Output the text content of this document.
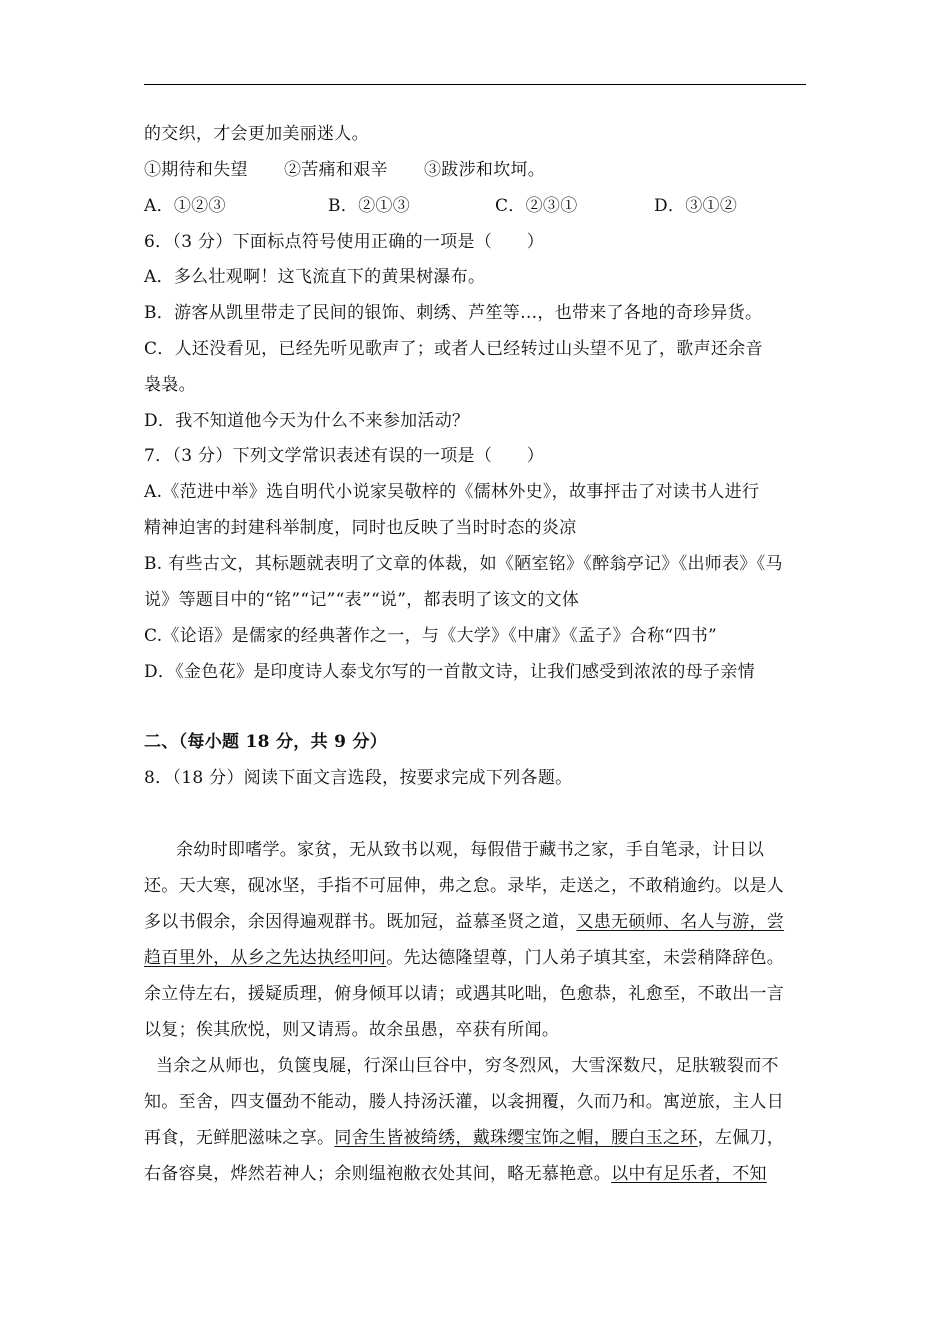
的交织，才会更加美丽迷人。
①期待和失望 ②苦痛和艰辛 ③跋涉和坎坷。
A．①②③	B．②①③	C．②③①	D．③①②
6．（3 分）下面标点符号使用正确的一项是（　　）
A．多么壮观啊！这飞流直下的黄果树瀑布。
B．游客从凯里带走了民间的银饰、刺绣、芦笙等…，也带来了各地的奇珍异货。
C．人还没看见，已经先听见歌声了；或者人已经转过山头望不见了，歌声还余音
袅袅。
D．我不知道他今天为什么不来参加活动？
7．（3 分）下列文学常识表述有误的一项是（　　）
A.《范进中举》选自明代小说家吴敬梓的《儒林外史》，故事抨击了对读书人进行
精神迫害的封建科举制度，同时也反映了当时时态的炎凉
B. 有些古文，其标题就表明了文章的体裁，如《陋室铭》《醉翁亭记》《出师表》《马
说》等题目中的“铭”“记”“表”“说”，都表明了该文的文体
C.《论语》是儒家的经典著作之一，与《大学》《中庸》《孟子》合称“四书”
D．《金色花》是印度诗人泰戈尔写的一首散文诗，让我们感受到浓浓的母子亲情
二、（每小题 18 分，共 9 分）
8．（18 分）阅读下面文言选段，按要求完成下列各题。
余幼时即嗜学。家贫，无从致书以观，每假借于藏书之家，手自笔录，计日以
还。天大寒，砚冰坚，手指不可屈伸，弗之怠。录毕，走送之，不敢稍逾约。以是人
多以书假余，余因得遍观群书。既加冠，益慕圣贤之道，又患无硕师、名人与游，尝
趋百里外，从乡之先达执经叩问。先达德隆望尊，门人弟子填其室，未尝稍降辞色。
余立侍左右，援疑质理，俯身倾耳以请；或遇其叱咄，色愈恭，礼愈至，不敢出一言
以复；俟其欣悦，则又请焉。故余虽愚，卒获有所闻。
当余之从师也，负箧曳屣，行深山巨谷中，穷冬烈风，大雪深数尺，足肤皲裂而不
知。至舍，四支僵劲不能动，媵人持汤沃灌，以衾拥覆，久而乃和。寓逆旅，主人日
再食，无鲜肥滋味之享。同舍生皆被绮绣，戴珠缨宝饰之帽，腰白玉之环，左佩刀，
右备容臭，烨然若神人；余则缊袍敝衣处其间，略无慕艳意。以中有足乐者，不知
